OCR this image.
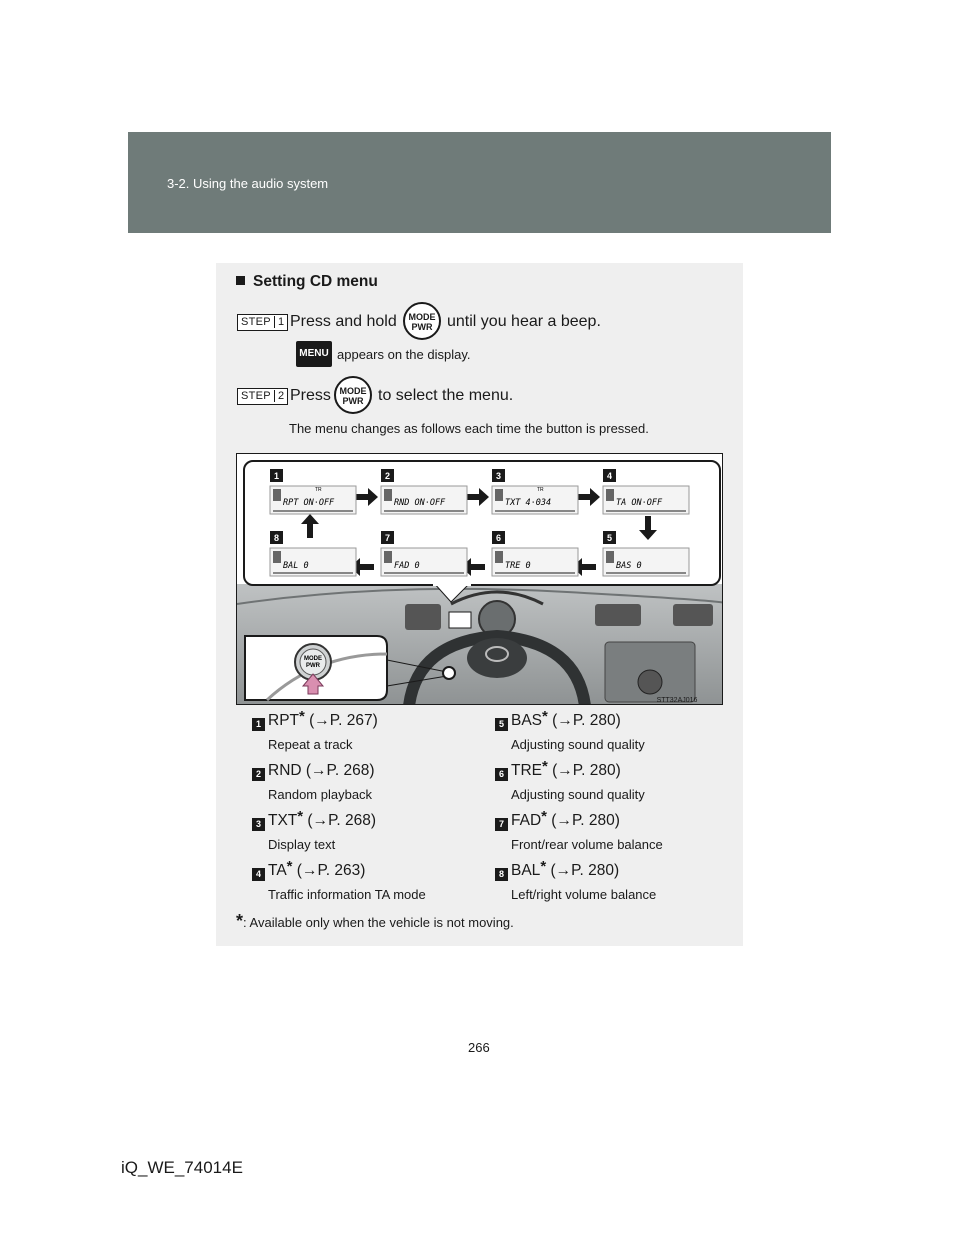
3-2. Using the audio system
Setting CD menu
STEP 1 Press and hold	MODE
PWR until you hear a beep.
MENU appears on the display.
STEP 2 Press MODE
PWR to select the menu.
The menu changes as follows each time the button is pressed.
MODE
PWR
STT32AJ016
1	2	3	4
5
6
7
8
TR
RPT ON⋅OFF	RND ON⋅OFF
TR
TXT 4⋅034	TA ON⋅OFF
BAL 0	FAD 0	TRE 0	BAS 0
1 RPT* (→P. 267)
Repeat a track
2 RND (→P. 268)
Random playback
3 TXT* (→P. 268)
Display text
4 TA* (→P. 263)
Traffic information TA mode
5 BAS* (→P. 280)
Adjusting sound quality
6 TRE* (→P. 280)
Adjusting sound quality
7 FAD* (→P. 280)
Front/rear volume balance
8 BAL* (→P. 280)
Left/right volume balance
*: Available only when the vehicle is not moving.
266
iQ_WE_74014E
